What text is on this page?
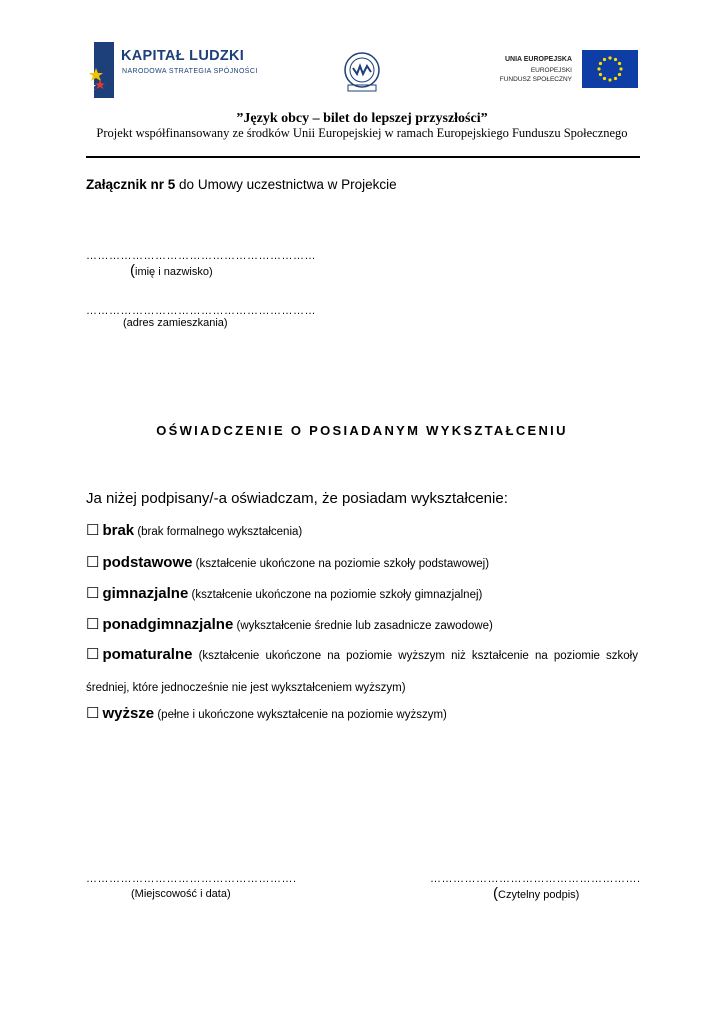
KAPITAŁ LUDZKI
NARODOWA STRATEGIA SPÓJNOŚCI
UNIA EUROPEJSKA
EUROPEJSKI
FUNDUSZ SPOŁECZNY
”Język obcy – bilet do lepszej przyszłości”
Projekt współfinansowany ze środków Unii Europejskiej w ramach Europejskiego Funduszu Społecznego
Załącznik nr 5 do Umowy uczestnictwa w Projekcie
……………………………………………………
(imię i nazwisko)
……………………………………………………
(adres zamieszkania)
OŚWIADCZENIE O POSIADANYM WYKSZTAŁCENIU
Ja niżej podpisany/-a oświadczam, że posiadam wykształcenie:
☐ brak (brak formalnego wykształcenia)
☐ podstawowe (kształcenie ukończone na poziomie szkoły podstawowej)
☐ gimnazjalne (kształcenie ukończone na poziomie szkoły gimnazjalnej)
☐ ponadgimnazjalne (wykształcenie średnie lub zasadnicze zawodowe)
☐ pomaturalne (kształcenie ukończone na poziomie wyższym niż kształcenie na poziomie szkoły średniej, które jednocześnie nie jest wykształceniem wyższym)
☐ wyższe (pełne i ukończone wykształcenie na poziomie wyższym)
……………………………………………….
(Miejscowość i data)
……………………………………………….
(Czytelny podpis)
